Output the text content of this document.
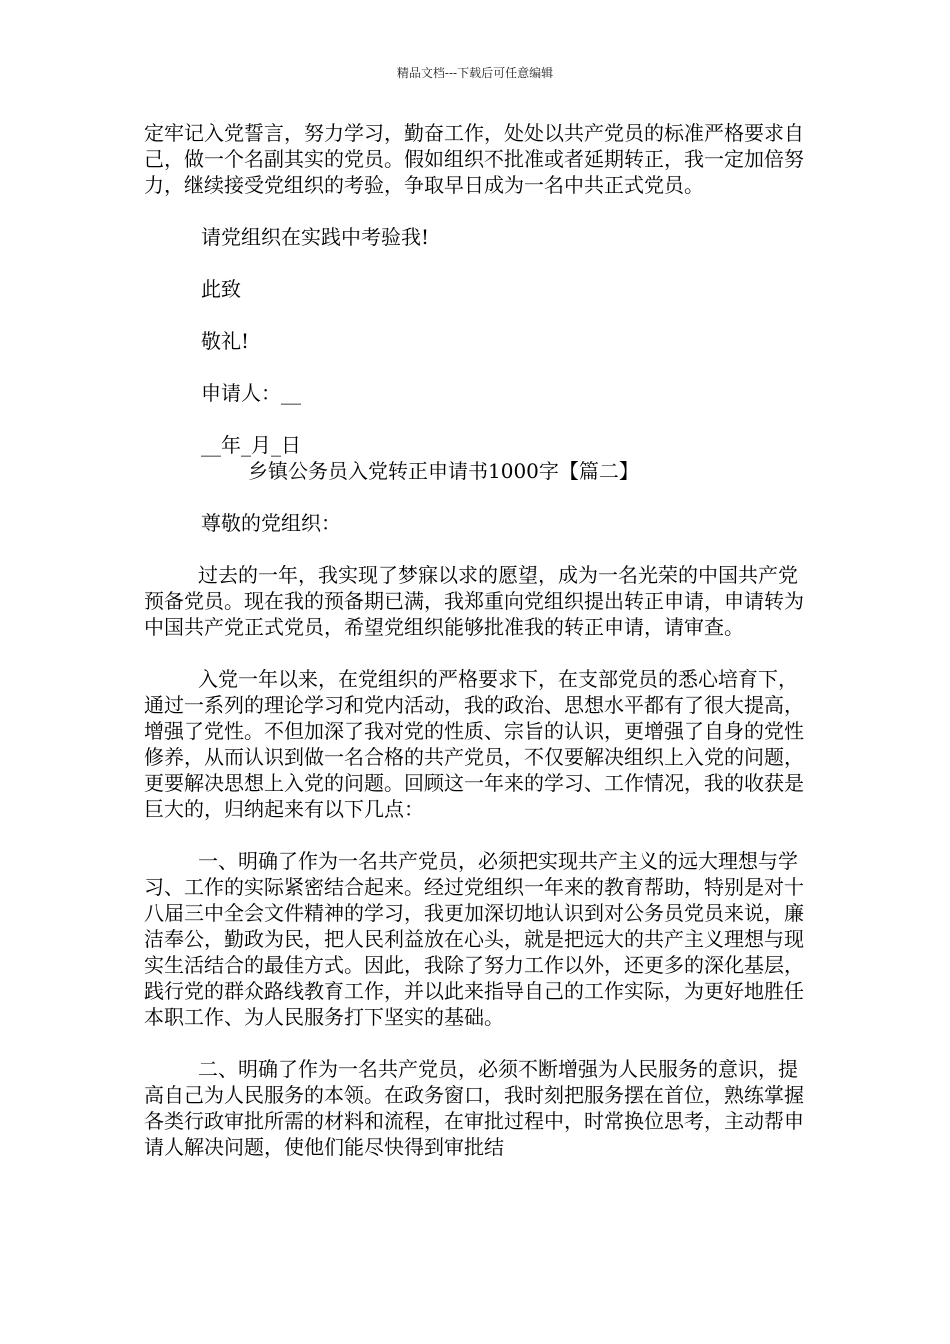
精品文档---下载后可任意编辑

定牢记入党誓言，努力学习，勤奋工作，处处以共产党员的标准严格要求自己，做一个名副其实的党员。假如组织不批准或者延期转正，我一定加倍努力，继续接受党组织的考验，争取早日成为一名中共正式党员。

请党组织在实践中考验我!

此致

敬礼!

申请人：__

__年_月_日

乡镇公务员入党转正申请书1000字【篇二】

尊敬的党组织：

过去的一年，我实现了梦寐以求的愿望，成为一名光荣的中国共产党预备党员。现在我的预备期已满，我郑重向党组织提出转正申请，申请转为中国共产党正式党员，希望党组织能够批准我的转正申请，请审查。

入党一年以来，在党组织的严格要求下，在支部党员的悉心培育下，通过一系列的理论学习和党内活动，我的政治、思想水平都有了很大提高，增强了党性。不但加深了我对党的性质、宗旨的认识，更增强了自身的党性修养，从而认识到做一名合格的共产党员，不仅要解决组织上入党的问题，更要解决思想上入党的问题。回顾这一年来的学习、工作情况，我的收获是巨大的，归纳起来有以下几点：

一、明确了作为一名共产党员，必须把实现共产主义的远大理想与学习、工作的实际紧密结合起来。经过党组织一年来的教育帮助，特别是对十八届三中全会文件精神的学习，我更加深切地认识到对公务员党员来说，廉洁奉公，勤政为民，把人民利益放在心头，就是把远大的共产主义理想与现实生活结合的最佳方式。因此，我除了努力工作以外，还更多的深化基层，践行党的群众路线教育工作，并以此来指导自己的工作实际，为更好地胜任本职工作、为人民服务打下坚实的基础。

二、明确了作为一名共产党员，必须不断增强为人民服务的意识，提高自己为人民服务的本领。在政务窗口，我时刻把服务摆在首位，熟练掌握各类行政审批所需的材料和流程，在审批过程中，时常换位思考，主动帮申请人解决问题，使他们能尽快得到审批结
